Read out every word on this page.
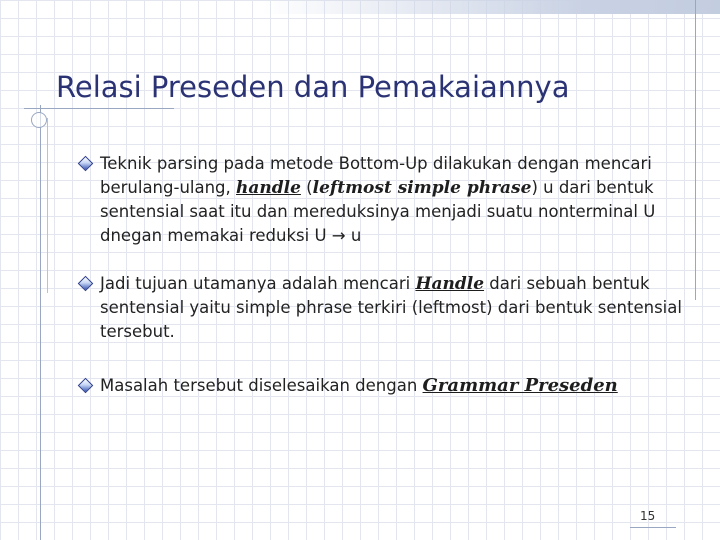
Relasi Preseden dan Pemakaiannya
Teknik parsing pada metode Bottom-Up dilakukan dengan mencari berulang-ulang, handle (leftmost simple phrase) u dari bentuk sentensial saat itu dan mereduksinya menjadi suatu nonterminal U dnegan memakai reduksi U → u
Jadi tujuan utamanya adalah mencari Handle dari sebuah bentuk sentensial yaitu simple phrase terkiri (leftmost) dari bentuk sentensial tersebut.
Masalah tersebut diselesaikan dengan Grammar Preseden
15
